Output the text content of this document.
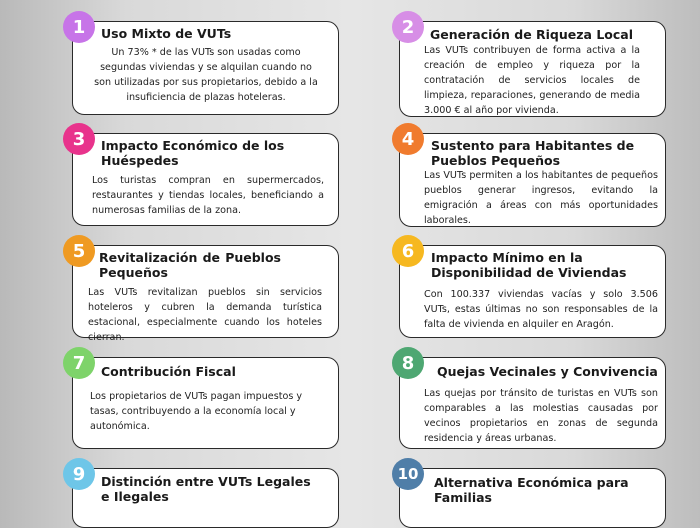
1	Uso Mixto de VUTs
Un 73% * de las VUTs son usadas como segundas viviendas y se alquilan cuando no son utilizadas por sus propietarios, debido a la insuficiencia de plazas hoteleras.
2	Generación de Riqueza Local
Las VUTs contribuyen de forma activa a la creación de empleo y riqueza por la contratación de servicios locales de limpieza, reparaciones, generando de media 3.000 € al año por vivienda.
3	Impacto Económico de los Huéspedes
Los turistas compran en supermercados, restaurantes y tiendas locales, beneficiando a numerosas familias de la zona.
4	Sustento para Habitantes de Pueblos Pequeños
Las VUTs permiten a los habitantes de pequeños pueblos generar ingresos, evitando la emigración a áreas con más oportunidades laborales.
5	Revitalización de Pueblos Pequeños
Las VUTs revitalizan pueblos sin servicios hoteleros y cubren la demanda turística estacional, especialmente cuando los hoteles cierran.
6	Impacto Mínimo en la Disponibilidad de Viviendas
Con 100.337 viviendas vacías y solo 3.506 VUTs, estas últimas no son responsables de la falta de vivienda en alquiler en Aragón.
7	Contribución Fiscal
Los propietarios de VUTs pagan impuestos y tasas, contribuyendo a la economía local y autonómica.
8	Quejas Vecinales y Convivencia
Las quejas por tránsito de turistas en VUTs son comparables a las molestias causadas por vecinos propietarios en zonas de segunda residencia y áreas urbanas.
9	Distinción entre VUTs Legales e Ilegales
10	Alternativa Económica para Familias
